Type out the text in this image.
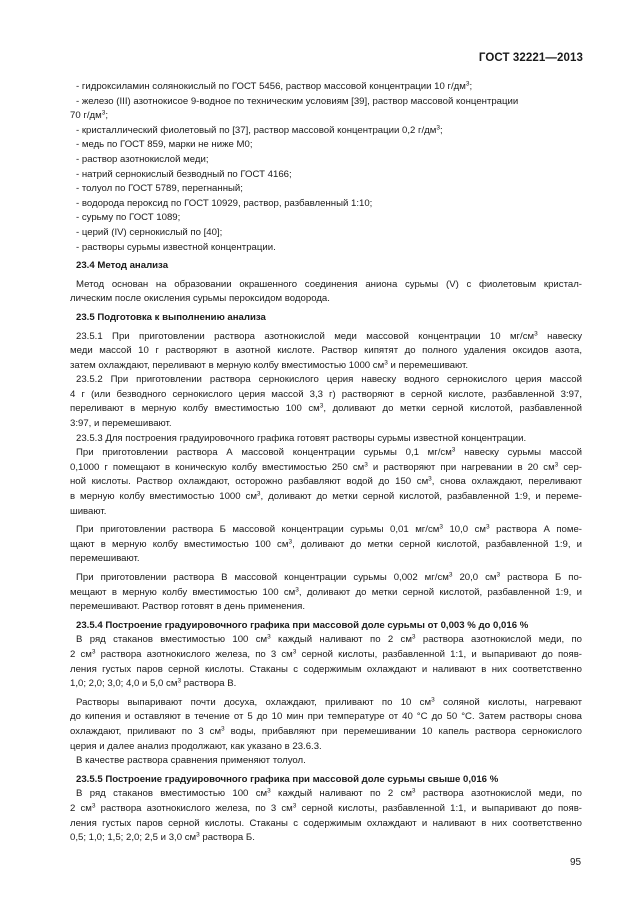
ГОСТ 32221—2013
- гидроксиламин солянокислый по ГОСТ 5456, раствор массовой концентрации 10 $г/дм^3$;
- железо (III) азотнокисое 9-водное по техническим условиям [39], раствор массовой концентрации
70 $г/дм^3$;
- кристаллический фиолетовый по [37], раствор массовой концентрации 0,2 $г/дм^3$;
- медь по ГОСТ 859, марки не ниже М0;
- раствор азотнокислой меди;
- натрий сернокислый безводный по ГОСТ 4166;
- толуол по ГОСТ 5789, перегнанный;
- водорода пероксид по ГОСТ 10929, раствор, разбавленный 1:10;
- сурьму по ГОСТ 1089;
- церий (IV) сернокислый по [40];
- растворы сурьмы известной концентрации.
23.4 Метод анализа
Метод основан на образовании окрашенного соединения аниона сурьмы (V) с фиолетовым кристал-
лическим после окисления сурьмы пероксидом водорода.
23.5 Подготовка к выполнению анализа
23.5.1 При приготовлении раствора азотнокислой меди массовой концентрации 10 $мг/см^3$ навеску
меди массой 10 г растворяют в азотной кислоте. Раствор кипятят до полного удаления оксидов азота,
затем охлаждают, переливают в мерную колбу вместимостью 1000 $см^3$ и перемешивают.
23.5.2 При приготовлении раствора сернокислого церия навеску водного сернокислого церия массой
4 г (или безводного сернокислого церия массой 3,3 г) растворяют в серной кислоте, разбавленной 3:97,
переливают в мерную колбу вместимостью 100 $см^3$, доливают до метки серной кислотой, разбавленной
3:97, и перемешивают.
23.5.3 Для построения градуировочного графика готовят растворы сурьмы известной концентрации.
При приготовлении раствора А массовой концентрации сурьмы 0,1 $мг/см^3$ навеску сурьмы массой
0,1000 г помещают в коническую колбу вместимостью 250 $см^3$ и растворяют при нагревании в 20 $см^3$ сер-
ной кислоты. Раствор охлаждают, осторожно разбавляют водой до 150 $см^3$, снова охлаждают, переливают
в мерную колбу вместимостью 1000 $см^3$, доливают до метки серной кислотой, разбавленной 1:9, и переме-
шивают.
При приготовлении раствора Б массовой концентрации сурьмы 0,01 $мг/см^3$ 10,0 $см^3$ раствора А поме-
щают в мерную колбу вместимостью 100 $см^3$, доливают до метки серной кислотой, разбавленной 1:9, и
перемешивают.
При приготовлении раствора В массовой концентрации сурьмы 0,002 $мг/см^3$ 20,0 $см^3$ раствора Б по-
мещают в мерную колбу вместимостью 100 $см^3$, доливают до метки серной кислотой, разбавленной 1:9, и
перемешивают. Раствор готовят в день применения.
23.5.4 Построение градуировочного графика при массовой доле сурьмы от 0,003 % до 0,016 %
В ряд стаканов вместимостью 100 $см^3$ каждый наливают по 2 $см^3$ раствора азотнокислой меди, по
2 $см^3$ раствора азотнокислого железа, по 3 $см^3$ серной кислоты, разбавленной 1:1, и выпаривают до появ-
ления густых паров серной кислоты. Стаканы с содержимым охлаждают и наливают в них соответственно
1,0; 2,0; 3,0; 4,0 и 5,0 $см^3$ раствора В.
Растворы выпаривают почти досуха, охлаждают, приливают по 10 $см^3$ соляной кислоты, нагревают
до кипения и оставляют в течение от 5 до 10 мин при температуре от 40 °С до 50 °С. Затем растворы снова
охлаждают, приливают по 3 $см^3$ воды, прибавляют при перемешивании 10 капель раствора сернокислого
церия и далее анализ продолжают, как указано в 23.6.3.
В качестве раствора сравнения применяют толуол.
23.5.5 Построение градуировочного графика при массовой доле сурьмы свыше 0,016 %
В ряд стаканов вместимостью 100 $см^3$ каждый наливают по 2 $см^3$ раствора азотнокислой меди, по
2 $см^3$ раствора азотнокислого железа, по 3 $см^3$ серной кислоты, разбавленной 1:1, и выпаривают до появ-
ления густых паров серной кислоты. Стаканы с содержимым охлаждают и наливают в них соответственно
0,5; 1,0; 1,5; 2,0; 2,5 и 3,0 $см^3$ раствора Б.
95
